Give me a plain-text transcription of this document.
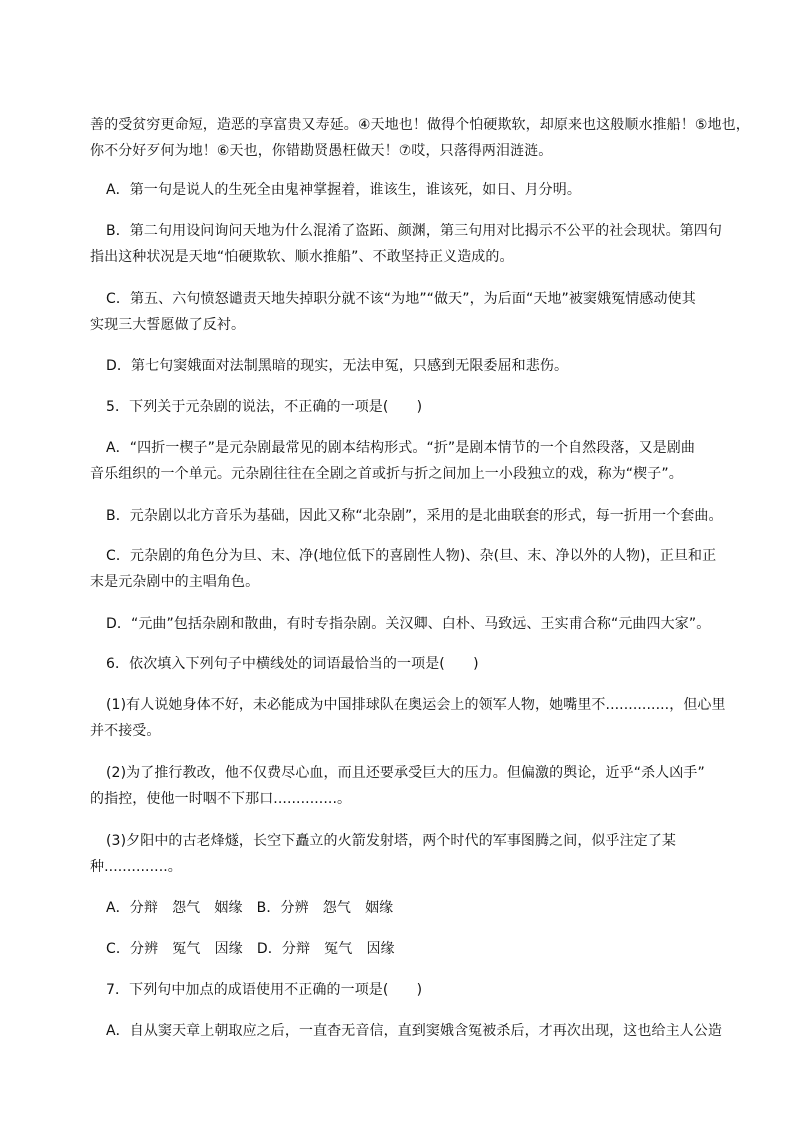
善的受贫穷更命短，造恶的享富贵又寿延。④天地也！做得个怕硬欺软，却原来也这般顺水推船！⑤地也，
你不分好歹何为地！⑥天也，你错勘贤愚枉做天！⑦哎，只落得两泪涟涟。
A．第一句是说人的生死全由鬼神掌握着，谁该生，谁该死，如日、月分明。
B．第二句用设问询问天地为什么混淆了盗跖、颜渊，第三句用对比揭示不公平的社会现状。第四句
指出这种状况是天地“怕硬欺软、顺水推船”、不敢坚持正义造成的。
C．第五、六句愤怒谴责天地失掉职分就不该“为地”“做天”，为后面“天地”被窦娥冤情感动使其
实现三大誓愿做了反衬。
D．第七句窦娥面对法制黑暗的现实，无法申冤，只感到无限委屈和悲伤。
5．下列关于元杂剧的说法，不正确的一项是(　　)
A．“四折一楔子”是元杂剧最常见的剧本结构形式。“折”是剧本情节的一个自然段落，又是剧曲
音乐组织的一个单元。元杂剧往往在全剧之首或折与折之间加上一小段独立的戏，称为“楔子”。
B．元杂剧以北方音乐为基础，因此又称“北杂剧”，采用的是北曲联套的形式，每一折用一个套曲。
C．元杂剧的角色分为旦、末、净(地位低下的喜剧性人物)、杂(旦、末、净以外的人物)，正旦和正
末是元杂剧中的主唱角色。
D．“元曲”包括杂剧和散曲，有时专指杂剧。关汉卿、白朴、马致远、王实甫合称“元曲四大家”。
6．依次填入下列句子中横线处的词语最恰当的一项是(　　)
(1)有人说她身体不好，未必能成为中国排球队在奥运会上的领军人物，她嘴里不..............，但心里
并不接受。
(2)为了推行教改，他不仅费尽心血，而且还要承受巨大的压力。但偏激的舆论，近乎“杀人凶手”
的指控，使他一时咽不下那口..............。
(3)夕阳中的古老烽燧，长空下矗立的火箭发射塔，两个时代的军事图腾之间，似乎注定了某
种..............。
A．分辩　怨气　姻缘　B．分辨　怨气　姻缘
C．分辨　冤气　因缘　D．分辩　冤气　因缘
7．下列句中加点的成语使用不正确的一项是(　　)
A．自从窦天章上朝取应之后，一直杳无音信，直到窦娥含冤被杀后，才再次出现，这也给主人公造
